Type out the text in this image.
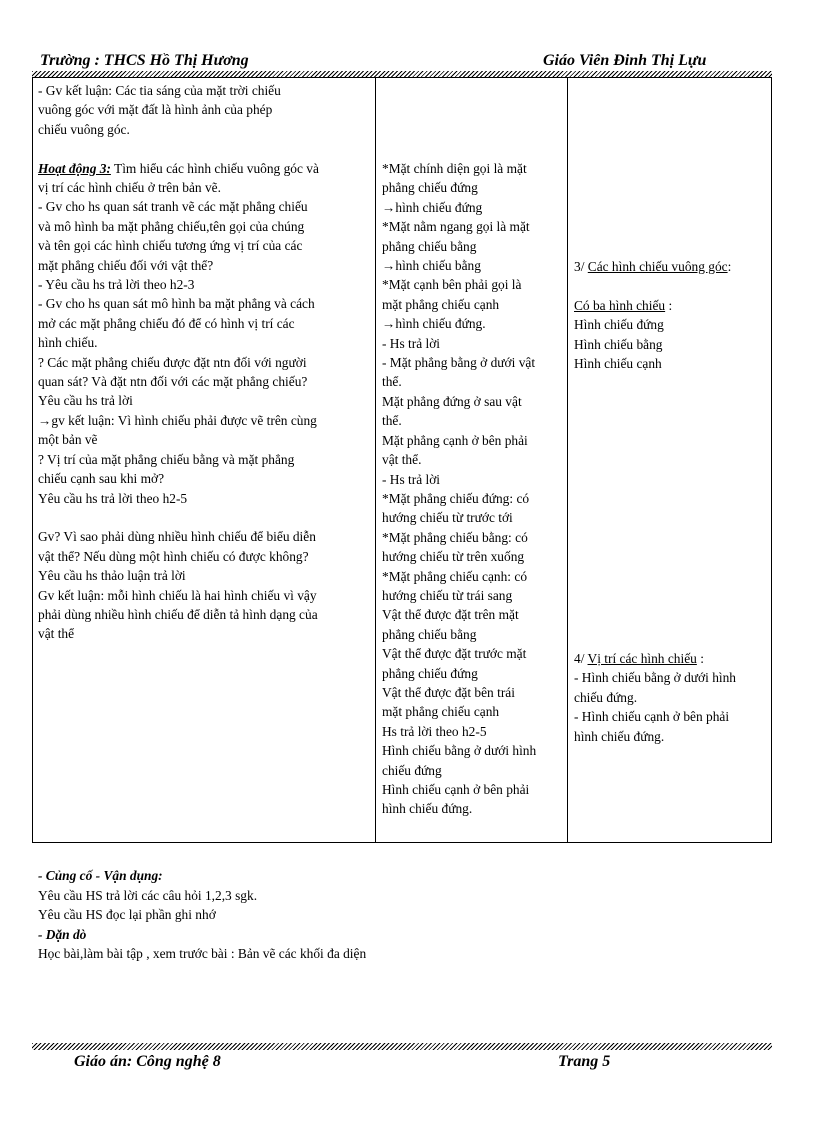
Trường : THCS Hồ Thị Hương	Giáo Viên Đinh Thị Lựu
- Gv kết luận: Các tia sáng của mặt trời chiếu
vuông góc với mặt đất là hình ảnh của phép
chiếu vuông góc.
Hoạt động 3: Tìm hiểu các hình chiếu vuông góc và
vị trí các hình chiếu ở trên bản vẽ.
- Gv cho hs quan sát tranh vẽ các mặt phẳng chiếu
và mô hình ba mặt phẳng chiếu,tên gọi của chúng
và tên gọi các hình chiếu tương ứng vị trí của các
mặt phẳng chiếu đối với vật thể?
- Yêu cầu hs trả lời theo h2-3
- Gv cho hs quan sát mô hình ba mặt phẳng và cách
mở các mặt phẳng chiếu đó để có hình vị trí các
hình chiếu.
? Các mặt phẳng chiếu được đặt ntn đối với người
quan sát? Và đặt ntn đối với các mặt phẳng chiếu?
Yêu cầu hs trả lời
→gv kết luận: Vì hình chiếu phải được vẽ trên cùng
một bản vẽ
? Vị trí của mặt phẳng chiếu bằng và mặt phẳng
chiếu cạnh sau khi mở?
Yêu cầu hs trả lời theo h2-5
Gv? Vì sao phải dùng nhiều hình chiếu để biểu diễn
vật thể? Nếu dùng một hình chiếu có được không?
Yêu cầu hs thảo luận trả lời
Gv kết luận: mỗi hình chiếu là hai hình chiếu vì vậy
phải dùng nhiều hình chiếu để diễn tả hình dạng của
vật thể
*Mặt chính diện gọi là mặt
phẳng chiếu đứng
→hình chiếu đứng
*Mặt nằm ngang gọi là mặt
phẳng chiếu bằng
→hình chiếu bằng
*Mặt cạnh bên phải gọi là
mặt phẳng chiếu cạnh
→hình chiếu đứng.
- Hs trả lời
- Mặt phẳng bằng ở dưới vật
thể.
Mặt phẳng đứng ở sau vật
thể.
Mặt phẳng cạnh ở bên phải
vật thể.
- Hs trả lời
*Mặt phẳng chiếu đứng: có
hướng chiếu từ trước tới
*Mặt phẳng chiếu bằng: có
hướng chiếu từ trên xuống
*Mặt phẳng chiếu cạnh: có
hướng chiếu từ trái sang
Vật thể được đặt trên mặt
phẳng chiếu bằng
Vật thể được đặt trước mặt
phẳng chiếu đứng
Vật thể được đặt bên trái
mặt phẳng chiếu cạnh
Hs trả lời theo h2-5
Hình chiếu bằng ở dưới hình
chiếu đứng
Hình chiếu cạnh ở bên phải
hình chiếu đứng.
3/ Các hình chiếu vuông góc:
Có ba hình chiếu :
Hình chiếu đứng
Hình chiếu bằng
Hình chiếu cạnh
4/ Vị trí các hình chiếu :
- Hình chiếu bằng ở dưới hình
chiếu đứng.
- Hình chiếu cạnh ở bên phải
hình chiếu đứng.
- Củng cố - Vận dụng:
Yêu cầu HS trả lời các câu hỏi 1,2,3 sgk.
Yêu cầu HS đọc lại phần ghi nhớ
- Dặn dò
Học bài,làm bài tập , xem trước bài : Bản vẽ các khối đa diện
Giáo án: Công nghệ 8	Trang 5
